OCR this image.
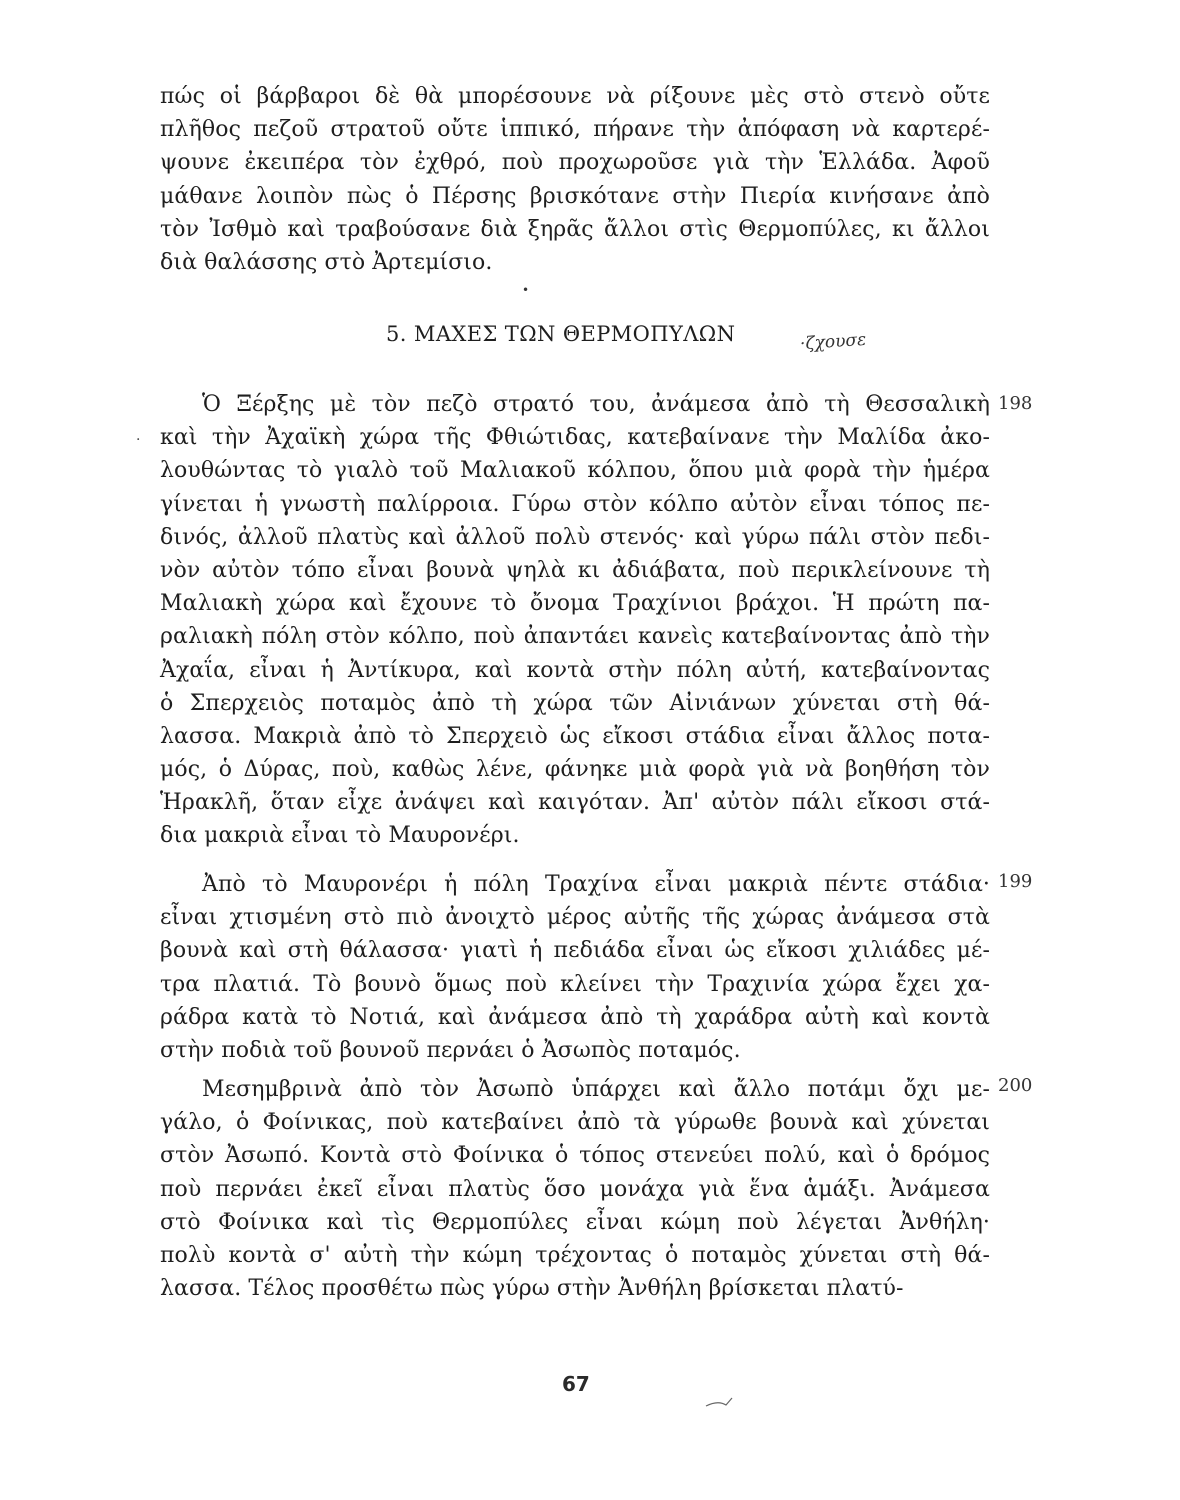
πώς οἱ βάρβαροι δὲ θὰ μπορέσουνε νὰ ρίξουνε μὲς στὸ στενὸ οὔτε
πλῆθος πεζοῦ στρατοῦ οὔτε ἱππικό, πήρανε τὴν ἀπόφαση νὰ καρτερέ-
ψουνε ἐκειπέρα τὸν ἐχθρό, ποὺ προχωροῦσε γιὰ τὴν Ἑλλάδα. Ἀφοῦ
μάθανε λοιπὸν πὼς ὁ Πέρσης βρισκότανε στὴν Πιερία κινήσανε ἀπὸ
τὸν Ἰσθμὸ καὶ τραβούσανε διὰ ξηρᾶς ἄλλοι στὶς Θερμοπύλες, κι ἄλλοι
διὰ θαλάσσης στὸ Ἀρτεμίσιο.
•
5. ΜΑΧΕΣ ΤΩΝ ΘΕΡΜΟΠΥΛΩΝ	·ζχουσε
·
Ὁ Ξέρξης μὲ τὸν πεζὸ στρατό του, ἀνάμεσα ἀπὸ τὴ Θεσσαλικὴ
καὶ τὴν Ἀχαϊκὴ χώρα τῆς Φθιώτιδας, κατεβαίνανε τὴν Μαλίδα ἀκο-
λουθώντας τὸ γιαλὸ τοῦ Μαλιακοῦ κόλπου, ὅπου μιὰ φορὰ τὴν ἡμέρα
γίνεται ἡ γνωστὴ παλίρροια. Γύρω στὸν κόλπο αὐτὸν εἶναι τόπος πε-
δινός, ἀλλοῦ πλατὺς καὶ ἀλλοῦ πολὺ στενός· καὶ γύρω πάλι στὸν πεδι-
νὸν αὐτὸν τόπο εἶναι βουνὰ ψηλὰ κι ἀδιάβατα, ποὺ περικλείνουνε τὴ
Μαλιακὴ χώρα καὶ ἔχουνε τὸ ὄνομα Τραχίνιοι βράχοι. Ἡ πρώτη πα-
ραλιακὴ πόλη στὸν κόλπο, ποὺ ἀπαντάει κανεὶς κατεβαίνοντας ἀπὸ τὴν
Ἀχαΐα, εἶναι ἡ Ἀντίκυρα, καὶ κοντὰ στὴν πόλη αὐτή, κατεβαίνοντας
ὁ Σπερχειὸς ποταμὸς ἀπὸ τὴ χώρα τῶν Αἰνιάνων χύνεται στὴ θά-
λασσα. Μακριὰ ἀπὸ τὸ Σπερχειὸ ὡς εἴκοσι στάδια εἶναι ἄλλος ποτα-
μός, ὁ Δύρας, ποὺ, καθὼς λένε, φάνηκε μιὰ φορὰ γιὰ νὰ βοηθήση τὸν
Ἡρακλῆ, ὅταν εἶχε ἀνάψει καὶ καιγόταν. Ἀπ' αὐτὸν πάλι εἴκοσι στά-
δια μακριὰ εἶναι τὸ Μαυρονέρι.
198
Ἀπὸ τὸ Μαυρονέρι ἡ πόλη Τραχίνα εἶναι μακριὰ πέντε στάδια·
εἶναι χτισμένη στὸ πιὸ ἀνοιχτὸ μέρος αὐτῆς τῆς χώρας ἀνάμεσα στὰ
βουνὰ καὶ στὴ θάλασσα· γιατὶ ἡ πεδιάδα εἶναι ὡς εἴκοσι χιλιάδες μέ-
τρα πλατιά. Τὸ βουνὸ ὅμως ποὺ κλείνει τὴν Τραχινία χώρα ἔχει χα-
ράδρα κατὰ τὸ Νοτιά, καὶ ἀνάμεσα ἀπὸ τὴ χαράδρα αὐτὴ καὶ κοντὰ
στὴν ποδιὰ τοῦ βουνοῦ περνάει ὁ Ἀσωπὸς ποταμός.
199
Μεσημβρινὰ ἀπὸ τὸν Ἀσωπὸ ὑπάρχει καὶ ἄλλο ποτάμι ὄχι με-
γάλο, ὁ Φοίνικας, ποὺ κατεβαίνει ἀπὸ τὰ γύρωθε βουνὰ καὶ χύνεται
στὸν Ἀσωπό. Κοντὰ στὸ Φοίνικα ὁ τόπος στενεύει πολύ, καὶ ὁ δρόμος
ποὺ περνάει ἐκεῖ εἶναι πλατὺς ὅσο μονάχα γιὰ ἕνα ἁμάξι. Ἀνάμεσα
στὸ Φοίνικα καὶ τὶς Θερμοπύλες εἶναι κώμη ποὺ λέγεται Ἀνθήλη·
πολὺ κοντὰ σ' αὐτὴ τὴν κώμη τρέχοντας ὁ ποταμὸς χύνεται στὴ θά-
λασσα. Τέλος προσθέτω πὼς γύρω στὴν Ἀνθήλη βρίσκεται πλατύ-
200
67
